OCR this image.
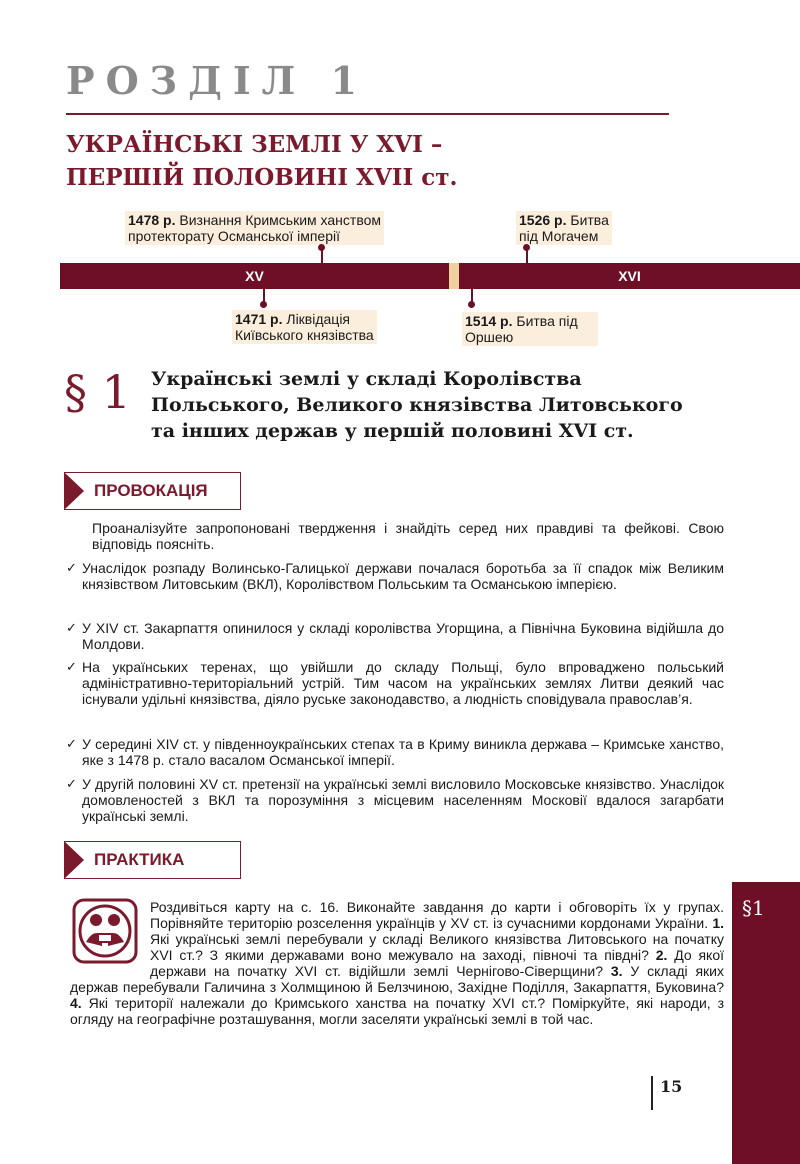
РОЗДІЛ 1
УКРАЇНСЬКІ ЗЕМЛІ У XVI –
ПЕРШІЙ ПОЛОВИНІ XVII ст.
XV	XVI
1478 р. Визнання Кримським ханством
протекторату Османської імперії
1526 р. Битва
під Могачем
1471 р. Ліквідація
Київського князівства
1514 р. Битва під
Оршею
§ 1 Українські землі у складі Королівства
Польського, Великого князівства Литовського
та інших держав у першій половині XVI ст.
ПРОВОКАЦІЯ
Проаналізуйте запропоновані твердження і знайдіть серед них правдиві та фейкові. Свою відповідь поясніть.
✓ Унаслідок розпаду Волинсько-Галицької держави почалася боротьба за її спадок між Великим князівством Литовським (ВКЛ), Королівством Польським та Османською імперією.
✓ У XIV ст. Закарпаття опинилося у складі королівства Угорщина, а Північна Буковина відійшла до Молдови.
✓ На українських теренах, що увійшли до складу Польщі, було впроваджено польський адміністративно-територіальний устрій. Тим часом на українських землях Литви деякий час існували удільні князівства, діяло руське законодавство, а людність сповідувала православ’я.
✓ У середині XIV ст. у південноукраїнських степах та в Криму виникла держава – Кримське ханство, яке з 1478 р. стало васалом Османської імперії.
✓ У другій половині XV ст. претензії на українські землі висловило Московське князівство. Унаслідок домовленостей з ВКЛ та порозуміння з місцевим населенням Московії вдалося загарбати українські землі.
ПРАКТИКА
Роздивіться карту на с. 16. Виконайте завдання до карти і обговоріть їх у групах. Порівняйте територію розселення українців у XV ст. із сучасними кордонами України. 1. Які українські землі перебували у складі Великого князівства Литовського на початку XVI ст.? З якими державами воно межувало на заході, півночі та півдні? 2. До якої держави на початку XVI ст. відійшли землі Чернігово-Сіверщини? 3. У складі яких держав перебували Галичина з Холмщиною й Белзчиною, Західне Поділля, Закарпаття, Буковина? 4. Які території належали до Кримського ханства на початку XVI ст.? Поміркуйте, які народи, з огляду на географічне розташування, могли заселяти українські землі в той час.
§1
15
